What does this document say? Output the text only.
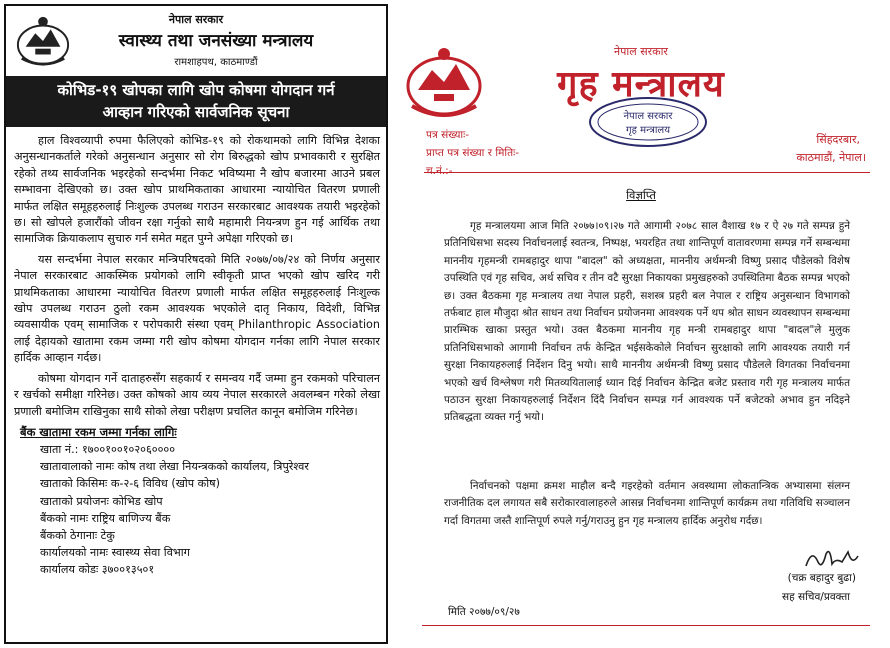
नेपाल सरकार
स्वास्थ्य तथा जनसंख्या मन्त्रालय
रामशाहपथ, काठमाण्डौं
कोभिड-१९ खोपका लागि खोप कोषमा योगदान गर्न
आव्हान गरिएको सार्वजनिक सूचना

हाल विश्वव्यापी रुपमा फैलिएको कोभिड-१९ को रोकथामको लागि विभिन्न देशका अनुसन्धानकर्ताले गरेको अनुसन्धान अनुसार सो रोग बिरुद्धको खोप प्रभावकारी र सुरक्षित रहेको तथ्य सार्वजनिक भइरहेको सन्दर्भमा निकट भविष्यमा नै खोप बजारमा आउने प्रबल सम्भावना देखिएको छ। उक्त खोप प्राथमिकताका आधारमा न्यायोचित वितरण प्रणाली मार्फत लक्षित समूहहरुलाई निःशुल्क उपलब्ध गराउन सरकारबाट आवश्यक तयारी भइरहेको छ। सो खोपले हजारौंको जीवन रक्षा गर्नुको साथै महामारी नियन्त्रण हुन गई आर्थिक तथा सामाजिक क्रियाकलाप सुचारु गर्न समेत मद्दत पुग्ने अपेक्षा गरिएको छ।

यस सन्दर्भमा नेपाल सरकार मन्त्रिपरिषदको मिति २०७७/०७/२४ को निर्णय अनुसार नेपाल सरकारबाट आकस्मिक प्रयोगको लागि स्वीकृती प्राप्त भएको खोप खरिद गरी प्राथमिकताका आधारमा न्यायोचित वितरण प्रणाली मार्फत लक्षित समूहहरुलाई निःशुल्क खोप उपलब्ध गराउन ठुलो रकम आवश्यक भएकोले दातृ निकाय, विदेशी, विभिन्न व्यवसायीक एवम् सामाजिक र परोपकारी संस्था एवम् Philanthropic Association लाई देहायको खातामा रकम जम्मा गरी खोप कोषमा योगदान गर्नका लागि नेपाल सरकार हार्दिक आव्हान गर्दछ।

कोषमा योगदान गर्ने दाताहरुसँग सहकार्य र समन्वय गर्दै जम्मा हुन रकमको परिचालन र खर्चको समीक्षा गरिनेछ। उक्त कोषको आय व्यय नेपाल सरकारले अवलम्बन गरेको लेखा प्रणाली बमोजिम राखिनुका साथै सोको लेखा परीक्षण प्रचलित कानून बमोजिम गरिनेछ।

बैंक खातामा रकम जम्मा गर्नका लागिः
खाता नं.: १७००१००१०२०६००००
खातावालाको नामः कोष तथा लेखा नियन्त्रकको कार्यालय, त्रिपुरेश्वर
खाताको किसिमः क-२-६ विविध (खोप कोष)
खाताको प्रयोजनः कोभिड खोप
बैंकको नामः राष्ट्रिय बाणिज्य बैंक
बैंकको ठेगानाः टेकु
कार्यालयको नामः स्वास्थ्य सेवा विभाग
कार्यालय कोडः ३७००१३५०१
नेपाल सरकार
गृह मन्त्रालय
नेपाल सरकार
गृह मन्त्रालय
पत्र संख्याः-
प्राप्त पत्र संख्या र मितिः-
च.नं.:-
सिंहदरबार,
काठमाडौं, नेपाल।
विज्ञप्ति

गृह मन्त्रालयमा आज मिति २०७७।०९।२७ गते आगामी २०७८ साल वैशाख १७ र ऐ २७ गते सम्पन्न हुने प्रतिनिधिसभा सदस्य निर्वाचनलाई स्वतन्त्र, निष्पक्ष, भयरहित तथा शान्तिपूर्ण वातावरणमा सम्पन्न गर्ने सम्बन्धमा माननीय गृहमन्त्री रामबहादुर थापा "बादल" को अध्यक्षता, माननीय अर्थमन्त्री विष्णु प्रसाद पौडेलको विशेष उपस्थिति एवं गृह सचिव, अर्थ सचिव र तीन वटै सुरक्षा निकायका प्रमुखहरुको उपस्थितिमा बैठक सम्पन्न भएको छ। उक्त बैठकमा गृह मन्त्रालय तथा नेपाल प्रहरी, सशस्त्र प्रहरी बल नेपाल र राष्ट्रिय अनुसन्धान विभागको तर्फबाट हाल मौजुदा श्रोत साधन तथा निर्वाचन प्रयोजनमा आवश्यक पर्ने थप श्रोत साधन व्यवस्थापन सम्बन्धमा प्रारम्भिक खाका प्रस्तुत भयो। उक्त बैठकमा माननीय गृह मन्त्री रामबहादुर थापा "बादल"ले मुलुक प्रतिनिधिसभाको आगामी निर्वाचन तर्फ केन्द्रित भईसकेकोले निर्वाचन सुरक्षाको लागि आवश्यक तयारी गर्न सुरक्षा निकायहरुलाई निर्देशन दिनु भयो। साथै माननीय अर्थमन्त्री विष्णु प्रसाद पौडेलले विगतका निर्वाचनमा भएको खर्च विश्लेषण गरी मितव्ययितालाई ध्यान दिई निर्वाचन केन्द्रित बजेट प्रस्ताव गरी गृह मन्त्रालय मार्फत पठाउन सुरक्षा निकायहरुलाई निर्देशन दिंदै निर्वाचन सम्पन्न गर्न आवश्यक पर्ने बजेटको अभाव हुन नदिइने प्रतिबद्धता व्यक्त गर्नु भयो।

निर्वाचनको पक्षमा क्रमश माहौल बन्दै गइरहेको वर्तमान अवस्थामा लोकतान्त्रिक अभ्यासमा संलग्न राजनीतिक दल लगायत सबै सरोकारवालाहरुले आसन्न निर्वाचनमा शान्तिपूर्ण कार्यक्रम तथा गतिविधि सञ्चालन गर्दा विगतमा जस्तै शान्तिपूर्ण रुपले गर्नु/गराउनु हुन गृह मन्त्रालय हार्दिक अनुरोध गर्दछ।

(चक्र बहादुर बुढा)
सह सचिव/प्रवक्ता
मिति २०७७/०९/२७
